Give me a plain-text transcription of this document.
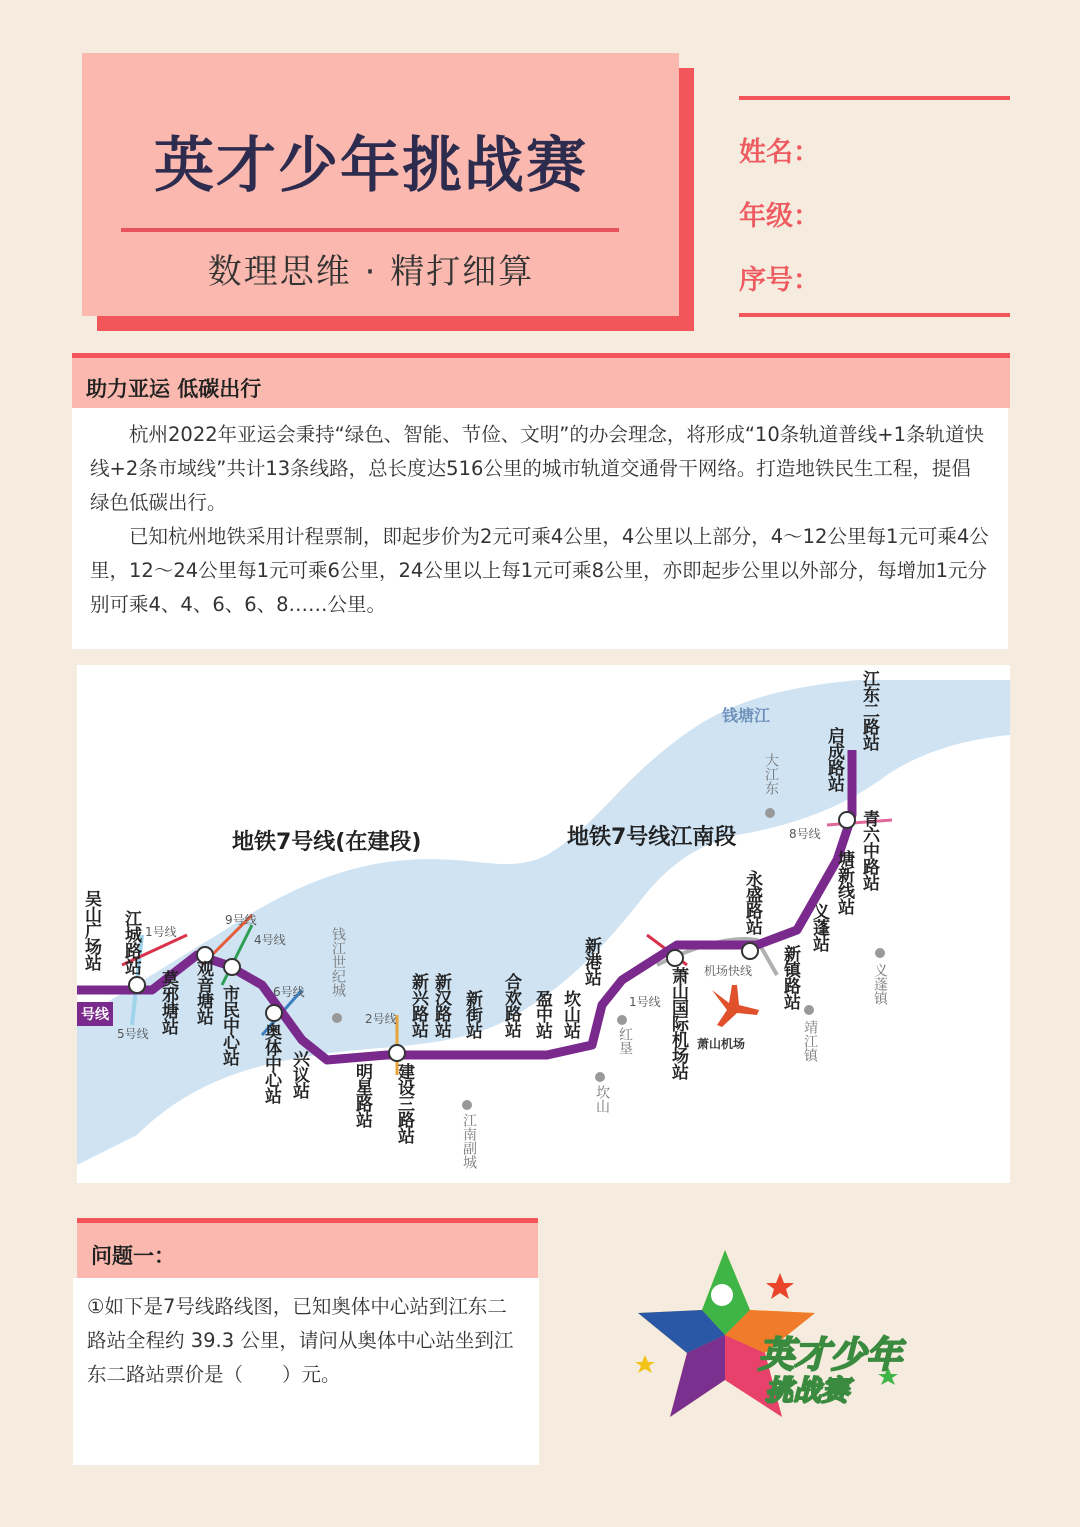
英才少年挑战赛
数理思维 · 精打细算
姓名：
年级：
序号：
助力亚运 低碳出行

杭州2022年亚运会秉持“绿色、智能、节俭、文明”的办会理念，将形成“10条轨道普线+1条轨道快线+2条市域线”共计13条线路，总长度达516公里的城市轨道交通骨干网络。打造地铁民生工程，提倡绿色低碳出行。

已知杭州地铁采用计程票制，即起步价为2元可乘4公里，4公里以上部分，4～12公里每1元可乘4公里，12～24公里每1元可乘6公里，24公里以上每1元可乘8公里，亦即起步公里以外部分，每增加1元分别可乘4、4、6、6、8……公里。

钱塘江
地铁7号线(在建段)	地铁7号线江南段
吴山广场站 江城路站
莫邪塘站 观音塘站 市民中心站 奥体中心站 兴议站	明星路站 建设三路站
新兴路站 新汉路站 新街站 合欢路站 盈中站 坎山站
新港站
萧山国际机场站
永盛路站
新镇路站
义蓬站
塘新线站 青六中路站
启成路站
江东二路站
钱江世纪城
江南副城
红垦
坎山
大江东
义蓬镇
靖江镇
1号线
5号线
9号线
4号线
6号线
2号线
1号线
机场快线
8号线
号线
萧山机场
问题一：

①如下是7号线路线图，已知奥体中心站到江东二路站全程约 39.3 公里，请问从奥体中心站坐到江东二路站票价是（　　）元。	英才少年
挑战赛
